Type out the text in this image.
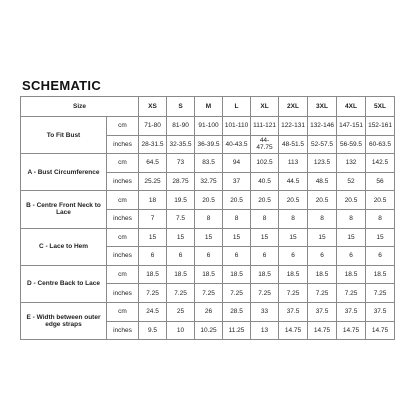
SCHEMATIC
Size		XS	S	M	L	XL	2XL	3XL	4XL	5XL
To Fit Bust	cm	71-80	81-90	91-100	101-110	111-121	122-131	132-146	147-151	152-161
	inches	28-31.5	32-35.5	36-39.5	40-43.5	44-47.75	48-51.5	52-57.5	56-59.5	60-63.5
A - Bust Circumference	cm	64.5	73	83.5	94	102.5	113	123.5	132	142.5
	inches	25.25	28.75	32.75	37	40.5	44.5	48.5	52	56
B - Centre Front Neck to Lace	cm	18	19.5	20.5	20.5	20.5	20.5	20.5	20.5	20.5
	inches	7	7.5	8	8	8	8	8	8	8
C - Lace to Hem	cm	15	15	15	15	15	15	15	15	15
	inches	6	6	6	6	6	6	6	6	6
D - Centre Back to Lace	cm	18.5	18.5	18.5	18.5	18.5	18.5	18.5	18.5	18.5
	inches	7.25	7.25	7.25	7.25	7.25	7.25	7.25	7.25	7.25
E - Width between outer edge straps	cm	24.5	25	26	28.5	33	37.5	37.5	37.5	37.5
	inches	9.5	10	10.25	11.25	13	14.75	14.75	14.75	14.75
